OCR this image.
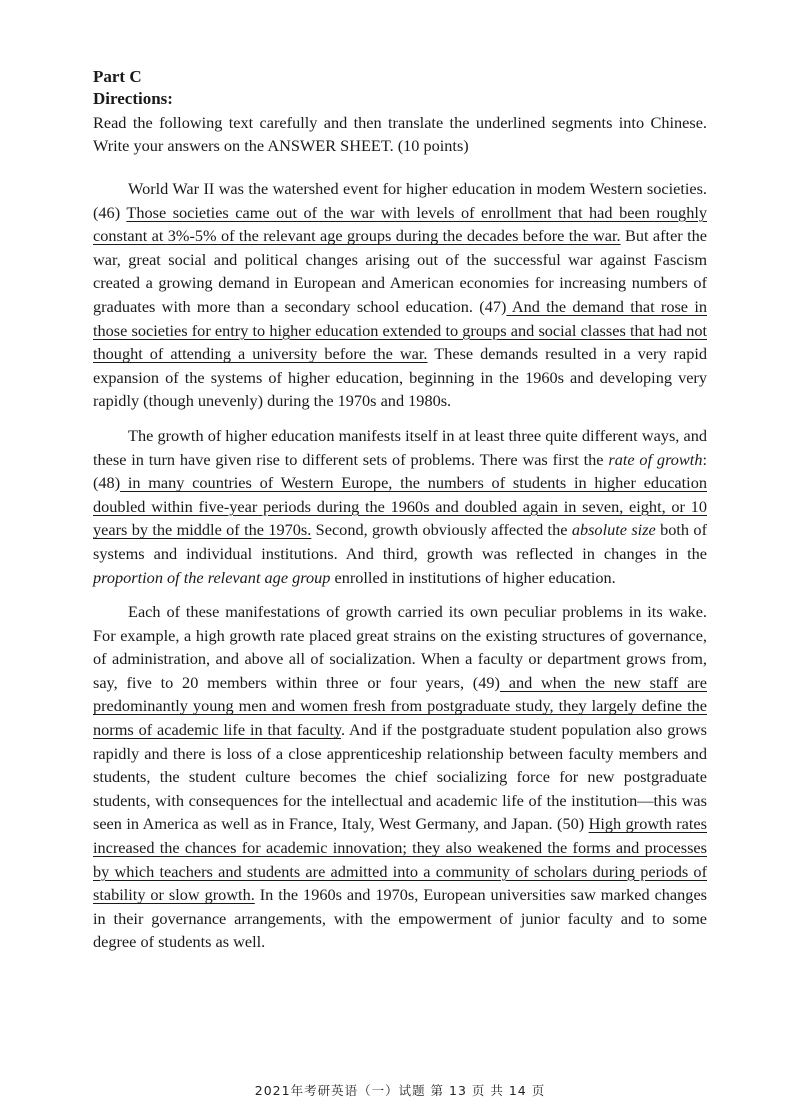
Part C

Directions:

Read the following text carefully and then translate the underlined segments into Chinese. Write your answers on the ANSWER SHEET. (10 points)

World War II was the watershed event for higher education in modem Western societies. (46) Those societies came out of the war with levels of enrollment that had been roughly constant at 3%-5% of the relevant age groups during the decades before the war. But after the war, great social and political changes arising out of the successful war against Fascism created a growing demand in European and American economies for increasing numbers of graduates with more than a secondary school education. (47) And the demand that rose in those societies for entry to higher education extended to groups and social classes that had not thought of attending a university before the war. These demands resulted in a very rapid expansion of the systems of higher education, beginning in the 1960s and developing very rapidly (though unevenly) during the 1970s and 1980s.

The growth of higher education manifests itself in at least three quite different ways, and these in turn have given rise to different sets of problems. There was first the rate of growth: (48) in many countries of Western Europe, the numbers of students in higher education doubled within five-year periods during the 1960s and doubled again in seven, eight, or 10 years by the middle of the 1970s. Second, growth obviously affected the absolute size both of systems and individual institutions. And third, growth was reflected in changes in the proportion of the relevant age group enrolled in institutions of higher education.

Each of these manifestations of growth carried its own peculiar problems in its wake. For example, a high growth rate placed great strains on the existing structures of governance, of administration, and above all of socialization. When a faculty or department grows from, say, five to 20 members within three or four years, (49) and when the new staff are predominantly young men and women fresh from postgraduate study, they largely define the norms of academic life in that faculty. And if the postgraduate student population also grows rapidly and there is loss of a close apprenticeship relationship between faculty members and students, the student culture becomes the chief socializing force for new postgraduate students, with consequences for the intellectual and academic life of the institution—this was seen in America as well as in France, Italy, West Germany, and Japan. (50) High growth rates increased the chances for academic innovation; they also weakened the forms and processes by which teachers and students are admitted into a community of scholars during periods of stability or slow growth. In the 1960s and 1970s, European universities saw marked changes in their governance arrangements, with the empowerment of junior faculty and to some degree of students as well.

2021年考研英语（一）试题 第 13 页 共 14 页
